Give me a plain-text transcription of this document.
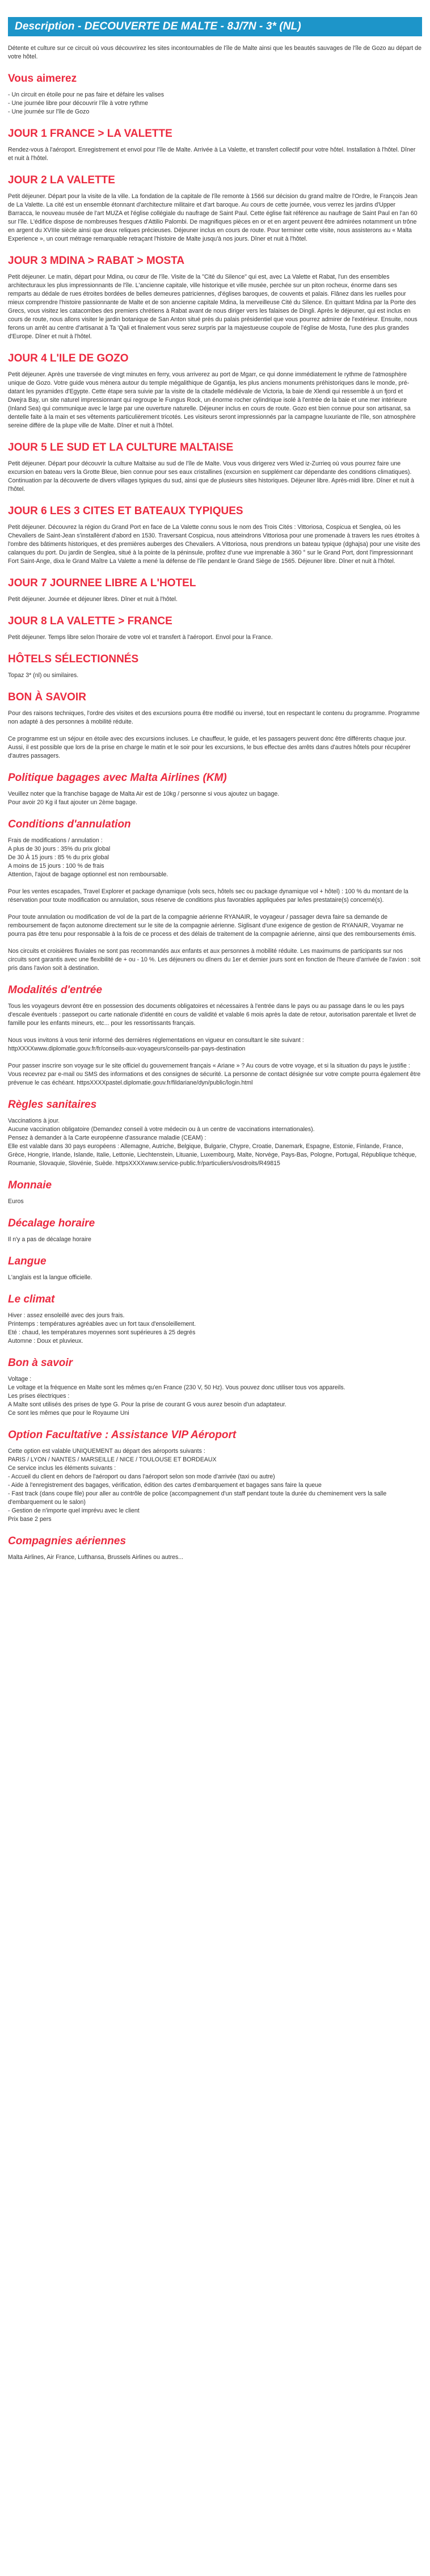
Description - DECOUVERTE DE MALTE - 8J/7N - 3* (NL)

Détente et culture sur ce circuit où vous découvrirez les sites incontournables de l'île de Malte ainsi que les beautés sauvages de l'île de Gozo au départ de votre hôtel.

Vous aimerez

- Un circuit en étoile pour ne pas faire et défaire les valises

- Une journée libre pour découvrir l'île à votre rythme

- Une journée sur l'île de Gozo

JOUR 1 FRANCE > LA VALETTE

Rendez-vous à l'aéroport. Enregistrement et envol pour l'île de Malte. Arrivée à La Valette, et transfert collectif pour votre hôtel. Installation à l'hôtel. Dîner et nuit à l'hôtel.

JOUR 2 LA VALETTE

Petit déjeuner. Départ pour la visite de la ville. La fondation de la capitale de l'île remonte à 1566 sur décision du grand maître de l'Ordre, le François Jean de La Valette. La cité est un ensemble étonnant d'architecture militaire et d'art baroque. Au cours de cette journée, vous verrez les jardins d'Upper Barracca, le nouveau musée de l'art MUZA et l'église collégiale du naufrage de Saint Paul. Cette église fait référence au naufrage de Saint Paul en l'an 60 sur l'île. L'édifice dispose de nombreuses fresques d'Attilio Palombi. De magnifiques pièces en or et en argent peuvent être admirées notamment un trône en argent du XVIIIe siècle ainsi que deux reliques précieuses. Déjeuner inclus en cours de route. Pour terminer cette visite, nous assisterons au « Malta Experience », un court métrage remarquable retraçant l'histoire de Malte jusqu'à nos jours. Dîner et nuit à l'hôtel.

JOUR 3 MDINA > RABAT > MOSTA

Petit déjeuner. Le matin, départ pour Mdina, ou cœur de l'île. Visite de la "Cité du Silence" qui est, avec La Valette et Rabat, l'un des ensembles architecturaux les plus impressionnants de l'île. L'ancienne capitale, ville historique et ville musée, perchée sur un piton rocheux, énorme dans ses remparts au dédale de rues étroites bordées de belles demeures patriciennes, d'églises baroques, de couvents et palais. Flânez dans les ruelles pour mieux comprendre l'histoire passionnante de Malte et de son ancienne capitale Mdina, la merveilleuse Cité du Silence. En quittant Mdina par la Porte des Grecs, vous visitez les catacombes des premiers chrétiens à Rabat avant de nous diriger vers les falaises de Dingli. Après le déjeuner, qui est inclus en cours de route, nous allons visiter le jardin botanique de San Anton situé près du palais présidentiel que vous pourrez admirer de l'extérieur. Ensuite, nous ferons un arrêt au centre d'artisanat à Ta 'Qali et finalement vous serez surpris par la majestueuse coupole de l'église de Mosta, l'une des plus grandes d'Europe. Dîner et nuit à l'hôtel.

JOUR 4 L'ILE DE GOZO

Petit déjeuner. Après une traversée de vingt minutes en ferry, vous arriverez au port de Mgarr, ce qui donne immédiatement le rythme de l'atmosphère unique de Gozo. Votre guide vous mènera autour du temple mégalithique de Ggantija, les plus anciens monuments préhistoriques dans le monde, pré-datant les pyramides d'Egypte. Cette étape sera suivie par la visite de la citadelle médiévale de Victoria, la baie de Xlendi qui ressemble à un fjord et Dwejra Bay, un site naturel impressionnant qui regroupe le Fungus Rock, un énorme rocher cylindrique isolé à l'entrée de la baie et une mer intérieure (Inland Sea) qui communique avec le large par une ouverture naturelle. Déjeuner inclus en cours de route. Gozo est bien connue pour son artisanat, sa dentelle faite à la main et ses vêtements particulièrement tricotés. Les visiteurs seront impressionnés par la campagne luxuriante de l'île, son atmosphère sereine différe de la plupe ville de Malte. Dîner et nuit à l'hôtel.

JOUR 5 LE SUD ET LA CULTURE MALTAISE

Petit déjeuner. Départ pour découvrir la culture Maltaise au sud de l'île de Malte. Vous vous dirigerez vers Wied iz-Zurrieq où vous pourrez faire une excursion en bateau vers la Grotte Bleue, bien connue pour ses eaux cristallines (excursion en supplément car dépendante des conditions climatiques). Continuation par la découverte de divers villages typiques du sud, ainsi que de plusieurs sites historiques. Déjeuner libre. Après-midi libre. Dîner et nuit à l'hôtel.

JOUR 6 LES 3 CITES ET BATEAUX TYPIQUES

Petit déjeuner. Découvrez la région du Grand Port en face de La Valette connu sous le nom des Trois Cités : Vittoriosa, Cospicua et Senglea, où les Chevaliers de Saint-Jean s'installèrent d'abord en 1530. Traversant Cospicua, nous atteindrons Vittoriosa pour une promenade à travers les rues étroites à l'ombre des bâtiments historiques, et des premières auberges des Chevaliers. A Vittoriosa, nous prendrons un bateau typique (dghajsa) pour une visite des calanques du port. Du jardin de Senglea, situé à la pointe de la péninsule, profitez d'une vue imprenable à 360 ° sur le Grand Port, dont l'impressionnant Fort Saint-Ange, dixa le Grand Maître La Valette a mené la défense de l'île pendant le Grand Siège de 1565. Déjeuner libre. Dîner et nuit à l'hôtel.

JOUR 7 JOURNEE LIBRE A L'HOTEL

Petit déjeuner. Journée et déjeuner libres. Dîner et nuit à l'hôtel.

JOUR 8 LA VALETTE > FRANCE

Petit déjeuner. Temps libre selon l'horaire de votre vol et transfert à l'aéroport. Envol pour la France.

HÔTELS SÉLECTIONNÉS

Topaz 3* (nl) ou similaires.

BON À SAVOIR

Pour des raisons techniques, l'ordre des visites et des excursions pourra être modifié ou inversé, tout en respectant le contenu du programme. Programme non adapté à des personnes à mobilité réduite.

Ce programme est un séjour en étoile avec des excursions incluses. Le chauffeur, le guide, et les passagers peuvent donc être différents chaque jour. Aussi, il est possible que lors de la prise en charge le matin et le soir pour les excursions, le bus effectue des arrêts dans d'autres hôtels pour récupérer d'autres passagers.

Politique bagages avec Malta Airlines (KM)

Veuillez noter que la franchise bagage de Malta Air est de 10kg / personne si vous ajoutez un bagage.

Pour avoir 20 Kg il faut ajouter un 2ème bagage.

Conditions d'annulation

Frais de modifications / annulation :

A plus de 30 jours : 35% du prix global

De 30 À 15 jours : 85 % du prix global

A moins de 15 jours : 100 % de frais

Attention, l'ajout de bagage optionnel est non remboursable.

Pour les ventes escapades, Travel Explorer et package dynamique (vols secs, hôtels sec ou package dynamique vol + hôtel) : 100 % du montant de la réservation pour toute modification ou annulation, sous réserve de conditions plus favorables appliquées par le/les prestataire(s) concerné(s).

Pour toute annulation ou modification de vol de la part de la compagnie aérienne RYANAIR, le voyageur / passager devra faire sa demande de remboursement de façon autonome directement sur le site de la compagnie aérienne. Siglisant d'une exigence de gestion de RYANAIR, Voyamar ne pourra pas être tenu pour responsable à la fois de ce process et des délais de traitement de la compagnie aérienne, ainsi que des remboursements émis.

Nos circuits et croisières fluviales ne sont pas recommandés aux enfants et aux personnes à mobilité réduite. Les maximums de participants sur nos circuits sont garantis avec une flexibilité de + ou - 10 %. Les déjeuners ou dîners du 1er et dernier jours sont en fonction de l'heure d'arrivée de l'avion : soit pris dans l'avion soit à destination.

Modalités d'entrée

Tous les voyageurs devront être en possession des documents obligatoires et nécessaires à l'entrée dans le pays ou au passage dans le ou les pays d'escale éventuels : passeport ou carte nationale d'identité en cours de validité et valable 6 mois après la date de retour, autorisation parentale et livret de famille pour les enfants mineurs, etc... pour les ressortissants français.

Nous vous invitons à vous tenir informé des dernières réglementations en vigueur en consultant le site suivant : httpXXXXwww.diplomatie.gouv.fr/fr/conseils-aux-voyageurs/conseils-par-pays-destination

Pour passer inscrire son voyage sur le site officiel du gouvernement français « Ariane » ? Au cours de votre voyage, et si la situation du pays le justifie : Vous recevrez par e-mail ou SMS des informations et des consignes de sécurité. La personne de contact désignée sur votre compte pourra également être prévenue le cas échéant. httpsXXXXpastel.diplomatie.gouv.fr/fildariane/dyn/public/login.html

Règles sanitaires

Vaccinations à jour.

Aucune vaccination obligatoire (Demandez conseil à votre médecin ou à un centre de vaccinations internationales).

Pensez à demander à la Carte européenne d'assurance maladie (CEAM) :

Elle est valable dans 30 pays européens : Allemagne, Autriche, Belgique, Bulgarie, Chypre, Croatie, Danemark, Espagne, Estonie, Finlande, France, Grèce, Hongrie, Irlande, Islande, Italie, Lettonie, Liechtenstein, Lituanie, Luxembourg, Malte, Norvège, Pays-Bas, Pologne, Portugal, République tchèque, Roumanie, Slovaquie, Slovénie, Suède. httpsXXXXwww.service-public.fr/particuliers/vosdroits/R49815

Monnaie

Euros

Décalage horaire

Il n'y a pas de décalage horaire

Langue

L'anglais est la langue officielle.

Le climat

Hiver : assez ensoleillé avec des jours frais.

Printemps : températures agréables avec un fort taux d'ensoleillement.

Eté : chaud, les températures moyennes sont supérieures à 25 degrés

Automne : Doux et pluvieux.

Bon à savoir

Voltage :

Le voltage et la fréquence en Malte sont les mêmes qu'en France (230 V, 50 Hz). Vous pouvez donc utiliser tous vos appareils.

Les prises électriques :

A Malte sont utilisés des prises de type G. Pour la prise de courant G vous aurez besoin d'un adaptateur.

Ce sont les mêmes que pour le Royaume Uni

Option Facultative : Assistance VIP Aéroport

Cette option est valable UNIQUEMENT au départ des aéroports suivants :

PARIS / LYON / NANTES / MARSEILLE / NICE / TOULOUSE ET BORDEAUX

Ce service inclus les éléments suivants :

- Accueil du client en dehors de l'aéroport ou dans l'aéroport selon son mode d'arrivée (taxi ou autre)

- Aide à l'enregistrement des bagages, vérification, édition des cartes d'embarquement et bagages sans faire la queue

- Fast track (dans coupe file) pour aller au contrôle de police (accompagnement d'un staff pendant toute la durée du cheminement vers la salle d'embarquement ou le salon)

- Gestion de n'importe quel imprévu avec le client

Prix base 2 pers

Compagnies aériennes

Malta Airlines, Air France, Lufthansa, Brussels Airlines ou autres...
